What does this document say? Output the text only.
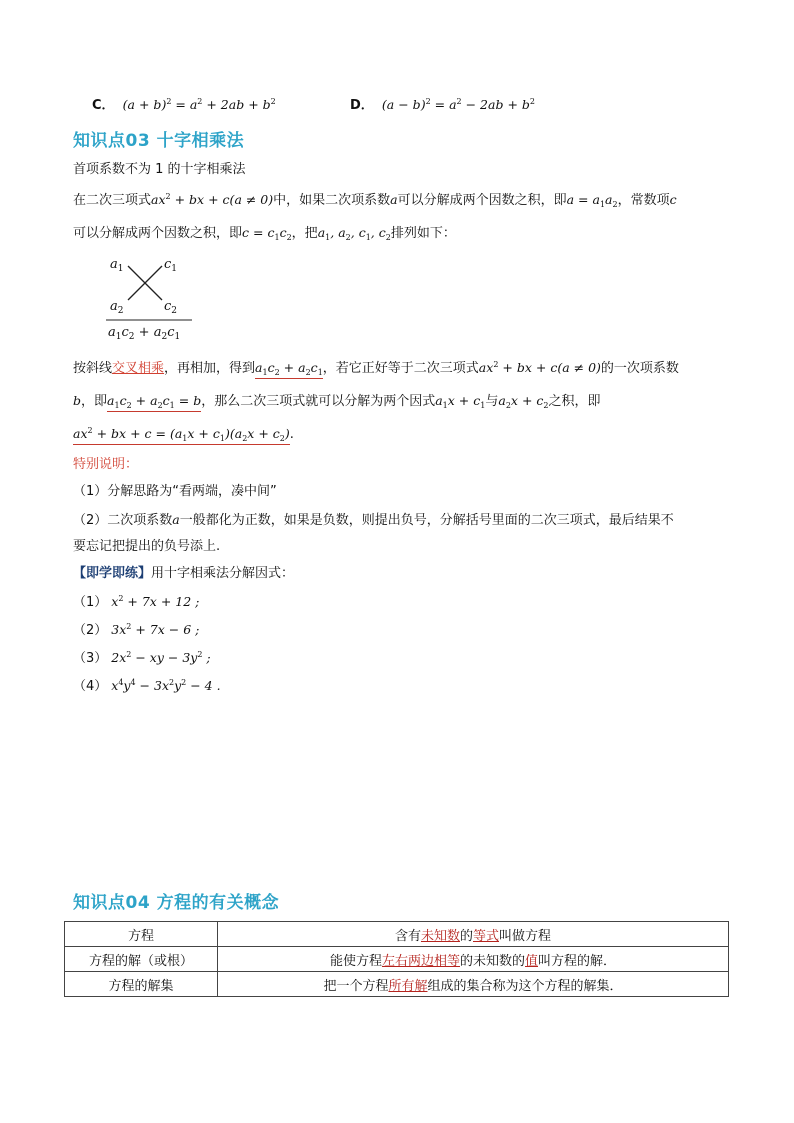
C．  $(a + b)^2 = a^2 + 2ab + b^2$	D．  $(a - b)^2 = a^2 - 2ab + b^2$
知识点03 十字相乘法
首项系数不为 1 的十字相乘法
在二次三项式$ax^2$ + bx + c(a ≠ 0)中，如果二次项系数a可以分解成两个因数之积，即$a = a_1a_2$，常数项c
可以分解成两个因数之积，即$c = c_1c_2$，把$a_1$, $a_2$, $c_1$, $c_2$排列如下：
$a_1$	$c_1$
$a_2$	$c_2$
$a_1c_2 + a_2c_1$
按斜线交叉相乘，再相加，得到$a_1c_2 + a_2c_1$，若它正好等于二次三项式$ax^2$ + bx + c(a ≠ 0)的一次项系数
b，即$a_1c_2 + a_2c_1 = b$，那么二次三项式就可以分解为两个因式$a_1x + c_1$与$a_2x + c_2$之积，即
$ax^2$ + bx + $c = (a_1x + c_1)(a_2x + c_2)$.
特别说明：
（1）分解思路为“看两端，凑中间”
（2）二次项系数a一般都化为正数，如果是负数，则提出负号，分解括号里面的二次三项式，最后结果不
要忘记把提出的负号添上.
【即学即练】用十字相乘法分解因式：
（1） $x^2 + 7x + 12$ ;
（2） $3x^2 + 7x - 6$ ;
（3） $2x^2$ − xy − $3y^2$ ;
（4） $x^4y^4 - 3x^2y^2 - 4$ .
知识点04 方程的有关概念
方程	含有未知数的等式叫做方程
方程的解（或根）	能使方程左右两边相等的未知数的值叫方程的解．
方程的解集	把一个方程所有解组成的集合称为这个方程的解集．
